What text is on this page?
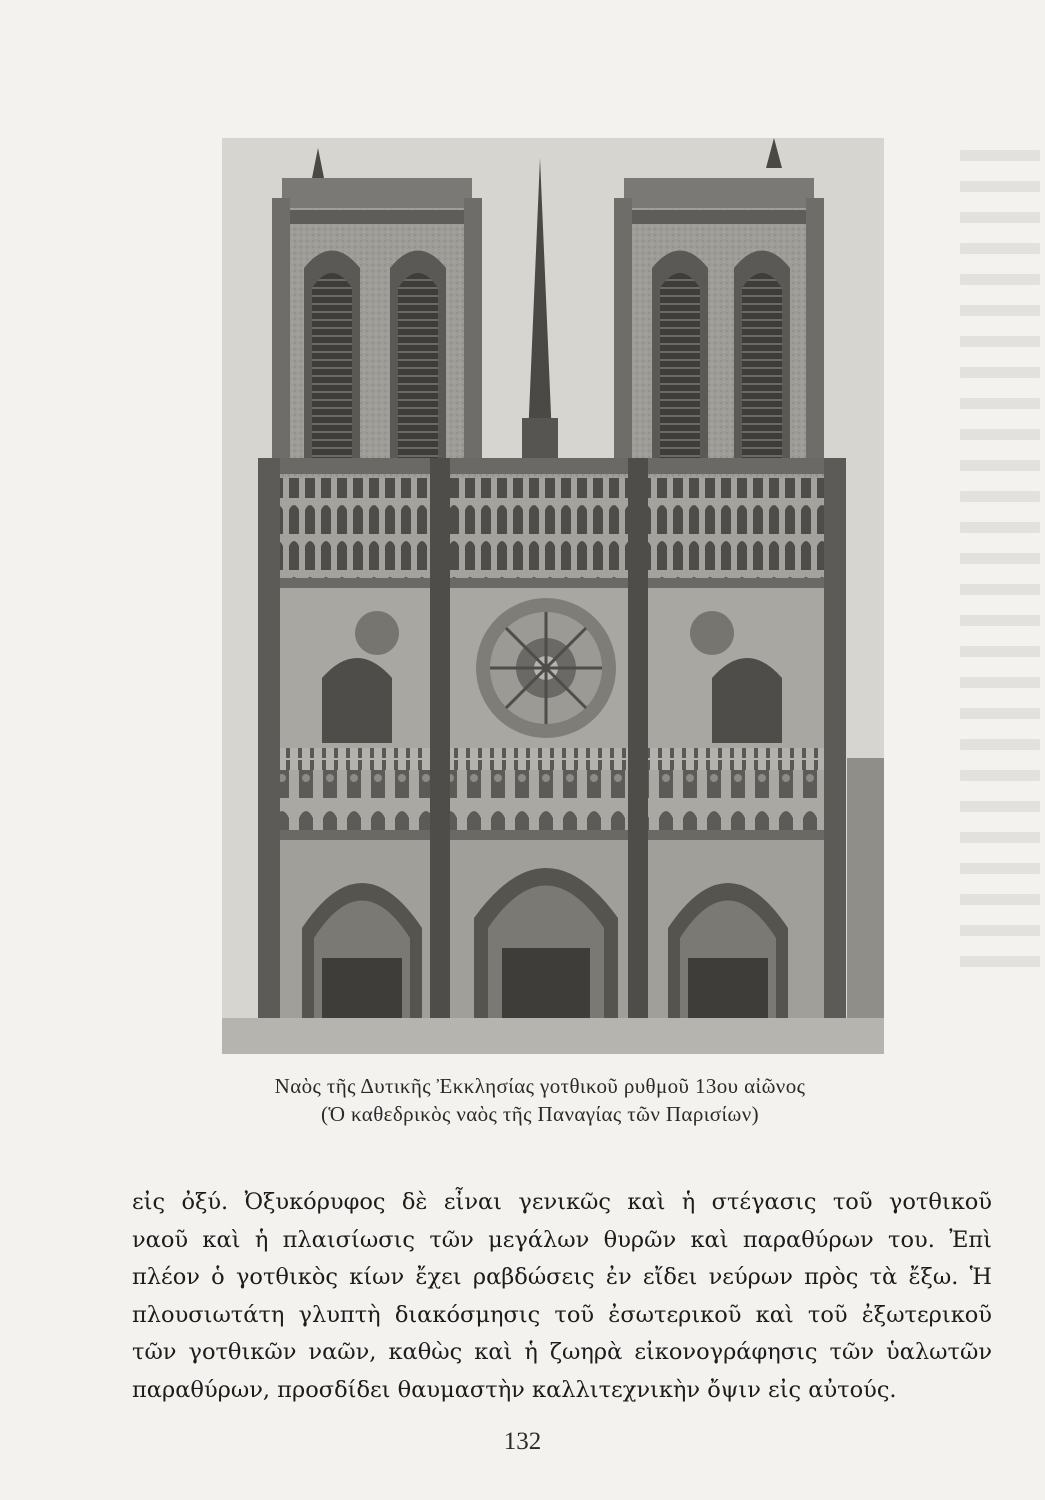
Ναὸς τῆς Δυτικῆς Ἐκκλησίας γοτθικοῦ ρυθμοῦ 13ου αἰῶνος
(Ὁ καθεδρικὸς ναὸς τῆς Παναγίας τῶν Παρισίων)
εἰς ὀξύ. Ὀξυκόρυφος δὲ εἶναι γενικῶς καὶ ἡ στέγασις τοῦ γοτθικοῦ
ναοῦ καὶ ἡ πλαισίωσις τῶν μεγάλων θυρῶν καὶ παραθύρων του. Ἐπὶ
πλέον ὁ γοτθικὸς κίων ἔχει ραβδώσεις ἐν εἴδει νεύρων πρὸς τὰ ἔξω. Ἡ
πλουσιωτάτη γλυπτὴ διακόσμησις τοῦ ἐσωτερικοῦ καὶ τοῦ ἐξωτερικοῦ
τῶν γοτθικῶν ναῶν, καθὼς καὶ ἡ ζωηρὰ εἰκονογράφησις τῶν ὑαλωτῶν
παραθύρων, προσδίδει θαυμαστὴν καλλιτεχνικὴν ὄψιν εἰς αὐτούς.
132
